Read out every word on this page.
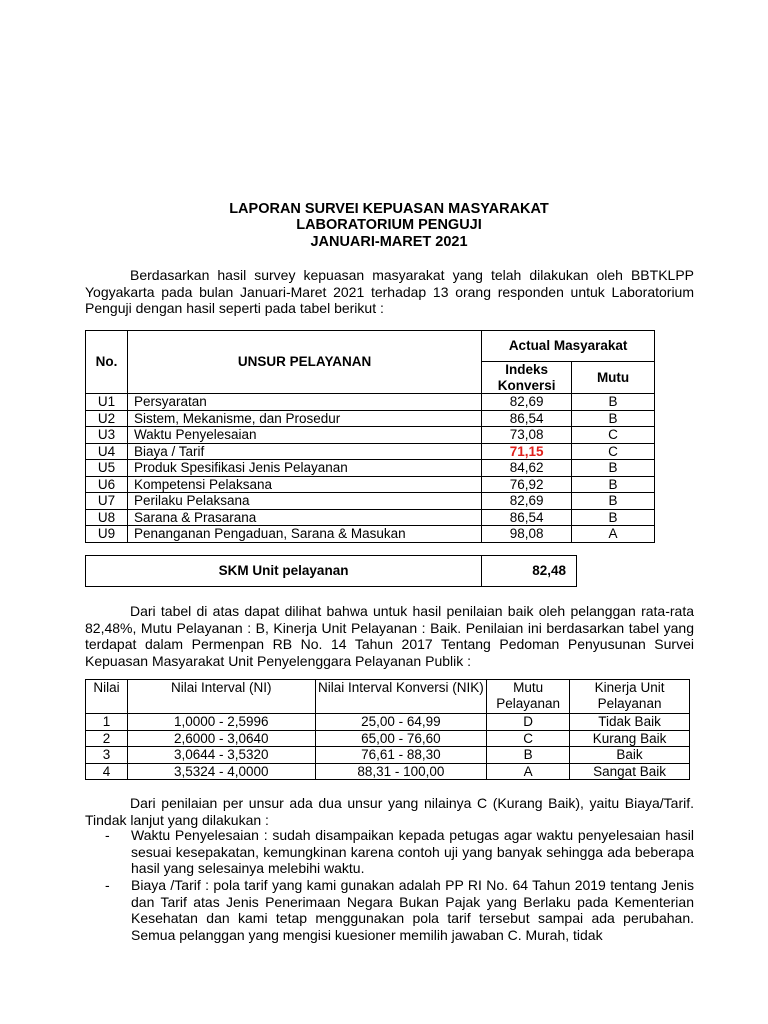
LAPORAN SURVEI KEPUASAN MASYARAKAT
LABORATORIUM PENGUJI
JANUARI-MARET 2021
Berdasarkan hasil survey kepuasan masyarakat yang telah dilakukan oleh BBTKLPP Yogyakarta pada bulan Januari-Maret 2021 terhadap 13 orang responden untuk Laboratorium Penguji dengan hasil seperti pada tabel berikut :
No.	UNSUR PELAYANAN	Actual Masyarakat	
		Indeks Konversi	Mutu
U1	Persyaratan	82,69	B
U2	Sistem, Mekanisme, dan Prosedur	86,54	B
U3	Waktu Penyelesaian	73,08	C
U4	Biaya / Tarif	71,15	C
U5	Produk Spesifikasi Jenis Pelayanan	84,62	B
U6	Kompetensi Pelaksana	76,92	B
U7	Perilaku Pelaksana	82,69	B
U8	Sarana & Prasarana	86,54	B
U9	Penanganan Pengaduan, Sarana & Masukan	98,08	A
SKM Unit pelayanan	82,48
Dari tabel di atas dapat dilihat bahwa untuk hasil penilaian baik oleh pelanggan rata-rata 82,48%, Mutu Pelayanan : B, Kinerja Unit Pelayanan : Baik. Penilaian ini berdasarkan tabel yang terdapat dalam Permenpan RB No. 14 Tahun 2017 Tentang Pedoman Penyusunan Survei Kepuasan Masyarakat Unit Penyelenggara Pelayanan Publik :
Nilai	Nilai Interval (NI)	Nilai Interval Konversi (NIK)	Mutu Pelayanan	Kinerja Unit Pelayanan
1	1,0000 - 2,5996	25,00 - 64,99	D	Tidak Baik
2	2,6000 - 3,0640	65,00 - 76,60	C	Kurang Baik
3	3,0644 - 3,5320	76,61 - 88,30	B	Baik
4	3,5324 - 4,0000	88,31 - 100,00	A	Sangat Baik
Dari penilaian per unsur ada dua unsur yang nilainya C (Kurang Baik), yaitu Biaya/Tarif. Tindak lanjut yang dilakukan :
- Waktu Penyelesaian : sudah disampaikan kepada petugas agar waktu penyelesaian hasil sesuai kesepakatan, kemungkinan karena contoh uji yang banyak sehingga ada beberapa hasil yang selesainya melebihi waktu.
- Biaya /Tarif : pola tarif yang kami gunakan adalah PP RI No. 64 Tahun 2019 tentang Jenis dan Tarif atas Jenis Penerimaan Negara Bukan Pajak yang Berlaku pada Kementerian Kesehatan dan kami tetap menggunakan pola tarif tersebut sampai ada perubahan. Semua pelanggan yang mengisi kuesioner memilih jawaban C. Murah, tidak
